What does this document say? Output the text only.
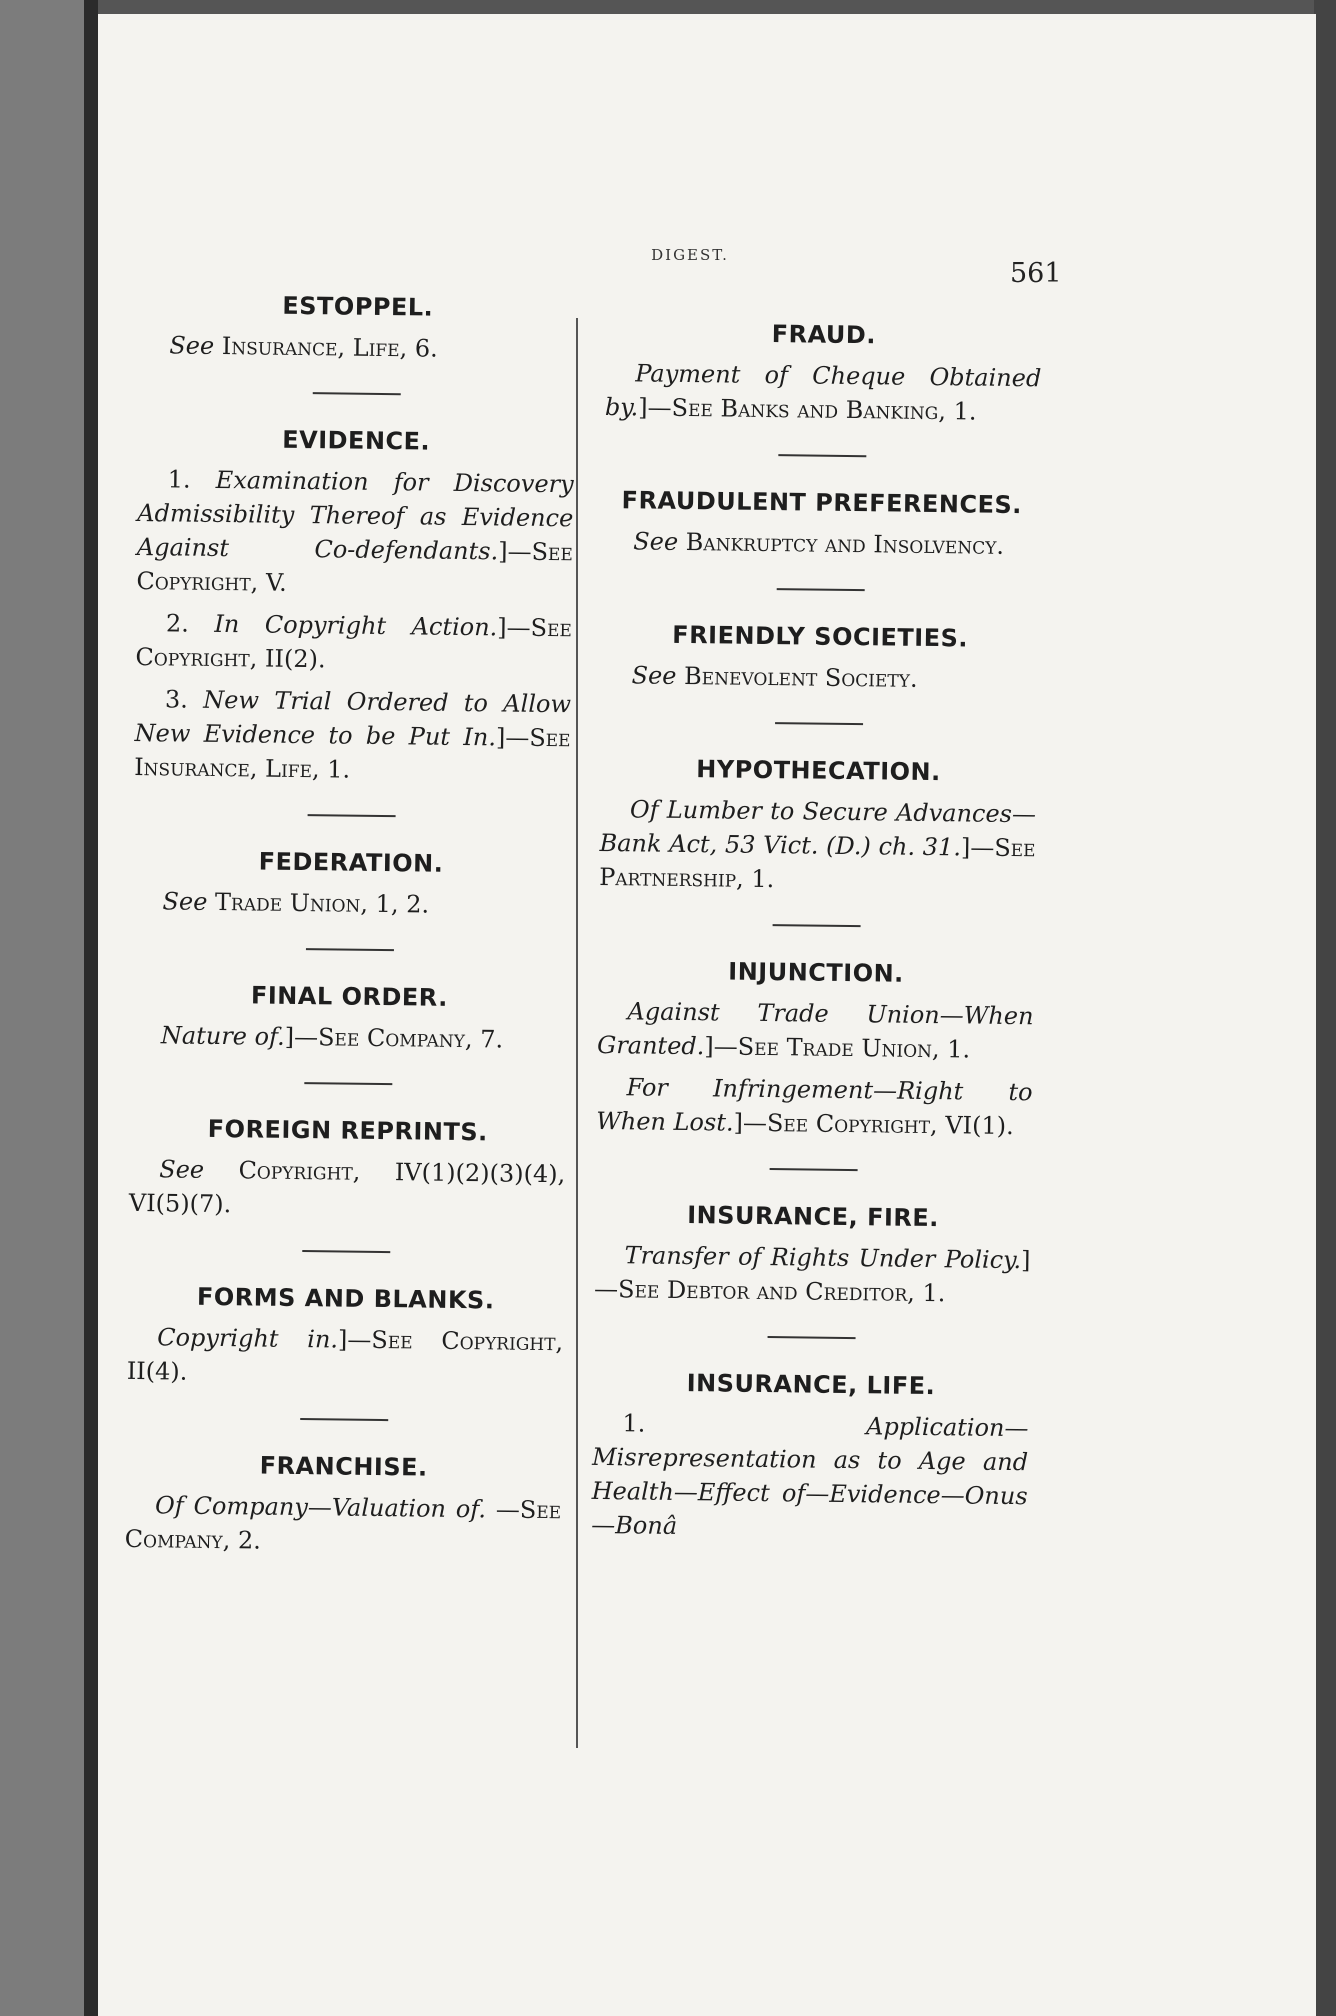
DIGEST.
561
ESTOPPEL.
See Insurance, Life, 6.
EVIDENCE.
1. Examination for Discovery Admissibility Thereof as Evidence Against Co-defendants.]—See Copyright, V.
2. In Copyright Action.]—See Copyright, II(2).
3. New Trial Ordered to Allow New Evidence to be Put In.]—See Insurance, Life, 1.
FEDERATION.
See Trade Union, 1, 2.
FINAL ORDER.
Nature of.]—See Company, 7.
FOREIGN REPRINTS.
See Copyright, IV(1)(2)(3)(4), VI(5)(7).
FORMS AND BLANKS.
Copyright in.]—See Copyright, II(4).
FRANCHISE.
Of Company—Valuation of. —See Company, 2.
FRAUD.
Payment of Cheque Obtained by.]—See Banks and Banking, 1.
FRAUDULENT PREFERENCES.
See Bankruptcy and Insolvency.
FRIENDLY SOCIETIES.
See Benevolent Society.
HYPOTHECATION.
Of Lumber to Secure Advances—Bank Act, 53 Vict. (D.) ch. 31.]—See Partnership, 1.
INJUNCTION.
Against Trade Union—When Granted.]—See Trade Union, 1.
For Infringement—Right to When Lost.]—See Copyright, VI(1).
INSURANCE, FIRE.
Transfer of Rights Under Policy.]—See Debtor and Creditor, 1.
INSURANCE, LIFE.
1. Application—Misrepresentation as to Age and Health—Effect of—Evidence—Onus—Bonâ
